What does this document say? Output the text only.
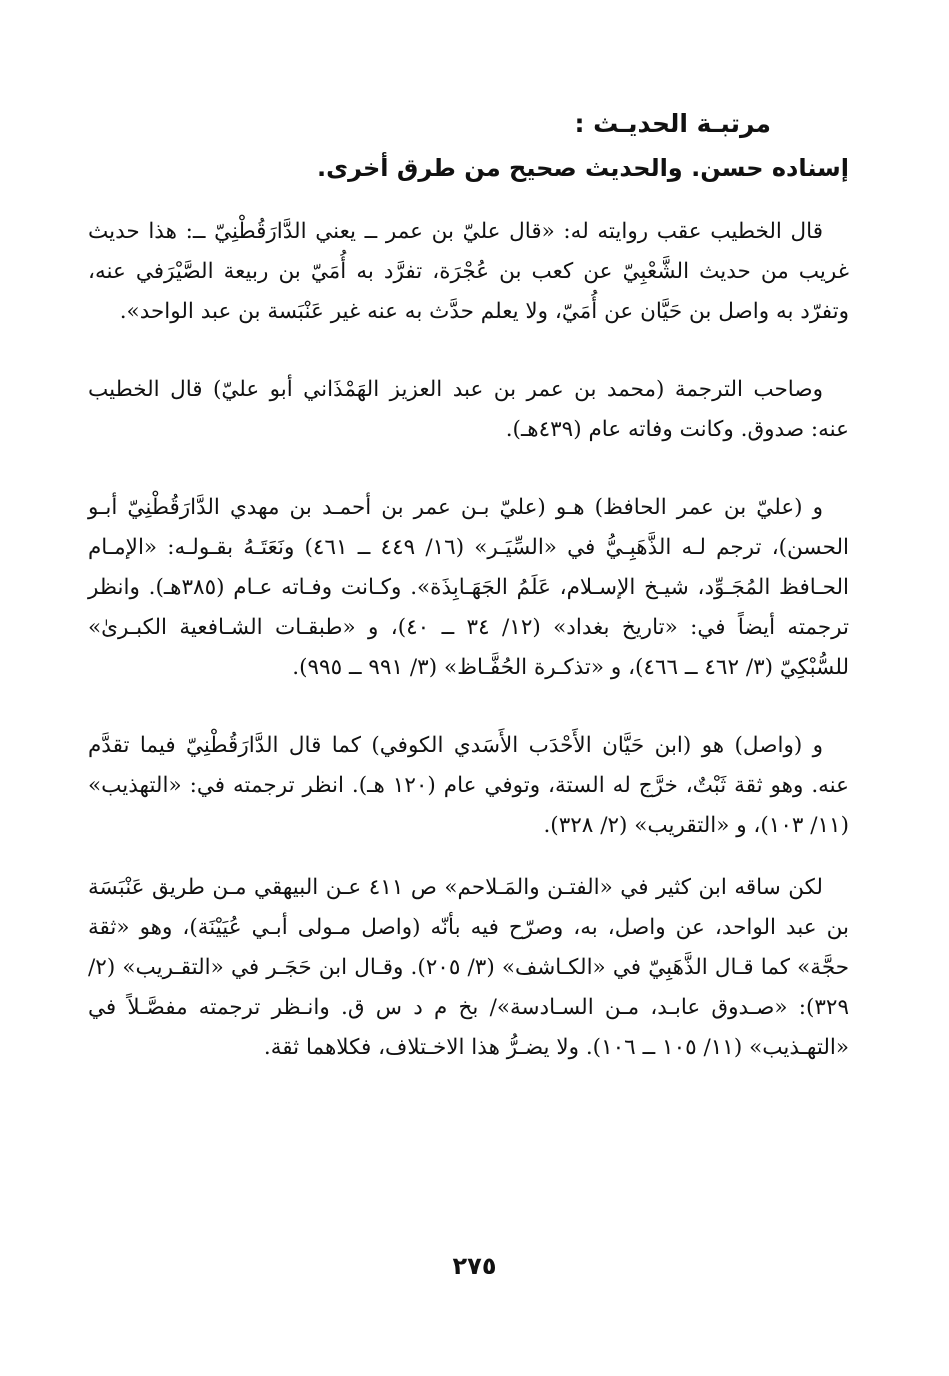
مرتبـة الحديـث :
إسناده حسن. والحديث صحيح من طرق أخرى.

قال الخطيب عقب روايته له: «قال عليّ بن عمر ــ يعني الدَّارَقُطْنِيّ ــ: هذا حديث غريب من حديث الشَّعْبِيّ عن كعب بن عُجْرَة، تفرَّد به أُمَيّ بن ربيعة الصَّيْرَفي عنه، وتفرّد به واصل بن حَيَّان عن أُمَيّ، ولا يعلم حدَّث به عنه غير عَنْبَسة بن عبد الواحد».

وصاحب الترجمة (محمد بن عمر بن عبد العزيز الهَمْذَاني أبو عليّ) قال الخطيب عنه: صدوق. وكانت وفاته عام (٤٣٩هـ).

و (عليّ بن عمر الحافظ) هـو (عليّ بـن عمر بن أحمـد بن مهدي الدَّارَقُطْنِيّ أبـو الحسن)، ترجم لـه الذَّهَبِـيُّ في «السِّيَـر» (١٦/ ٤٤٩ ــ ٤٦١) ونَعَتَـهُ بقـولـه: «الإمـام الحـافظ المُجَـوِّد، شيـخ الإسـلام، عَلَمُ الجَهَـابِذَة». وكـانت وفـاته عـام (٣٨٥هـ). وانظر ترجمته أيضاً في: «تاريخ بغداد» (١٢/ ٣٤ ــ ٤٠)، و «طبقـات الشـافعية الكبـرىٰ» للسُّبْكِيّ (٣/ ٤٦٢ ــ ٤٦٦)، و «تذكـرة الحُفَّـاظ» (٣/ ٩٩١ ــ ٩٩٥).

و (واصل) هو (ابن حَيَّان الأَحْدَب الأَسَدي الكوفي) كما قال الدَّارَقُطْنِيّ فيما تقدَّم عنه. وهو ثقة ثَبْتٌ، خرَّج له الستة، وتوفي عام (١٢٠ هـ). انظر ترجمته في: «التهذيب» (١١/ ١٠٣)، و «التقريب» (٢/ ٣٢٨).

لكن ساقه ابن كثير في «الفتـن والمَـلاحم» ص ٤١١ عـن البيهقي مـن طريق عَنْبَسَة بن عبد الواحد، عن واصل، به، وصرّح فيه بأنّه (واصل مـولى أبـي عُيَيْنَة)، وهو «ثقة حجَّة» كما قـال الذَّهَبِيّ في «الكـاشف» (٣/ ٢٠٥). وقـال ابن حَجَـر في «التقـريب» (٢/ ٣٢٩): «صـدوق عابـد، مـن السـادسة»/ بخ م د س ق. وانـظر ترجمته مفصَّـلاً في «التهـذيب» (١١/ ١٠٥ ــ ١٠٦). ولا يضـرُّ هذا الاخـتلاف، فكلاهما ثقة.

٢٧٥
